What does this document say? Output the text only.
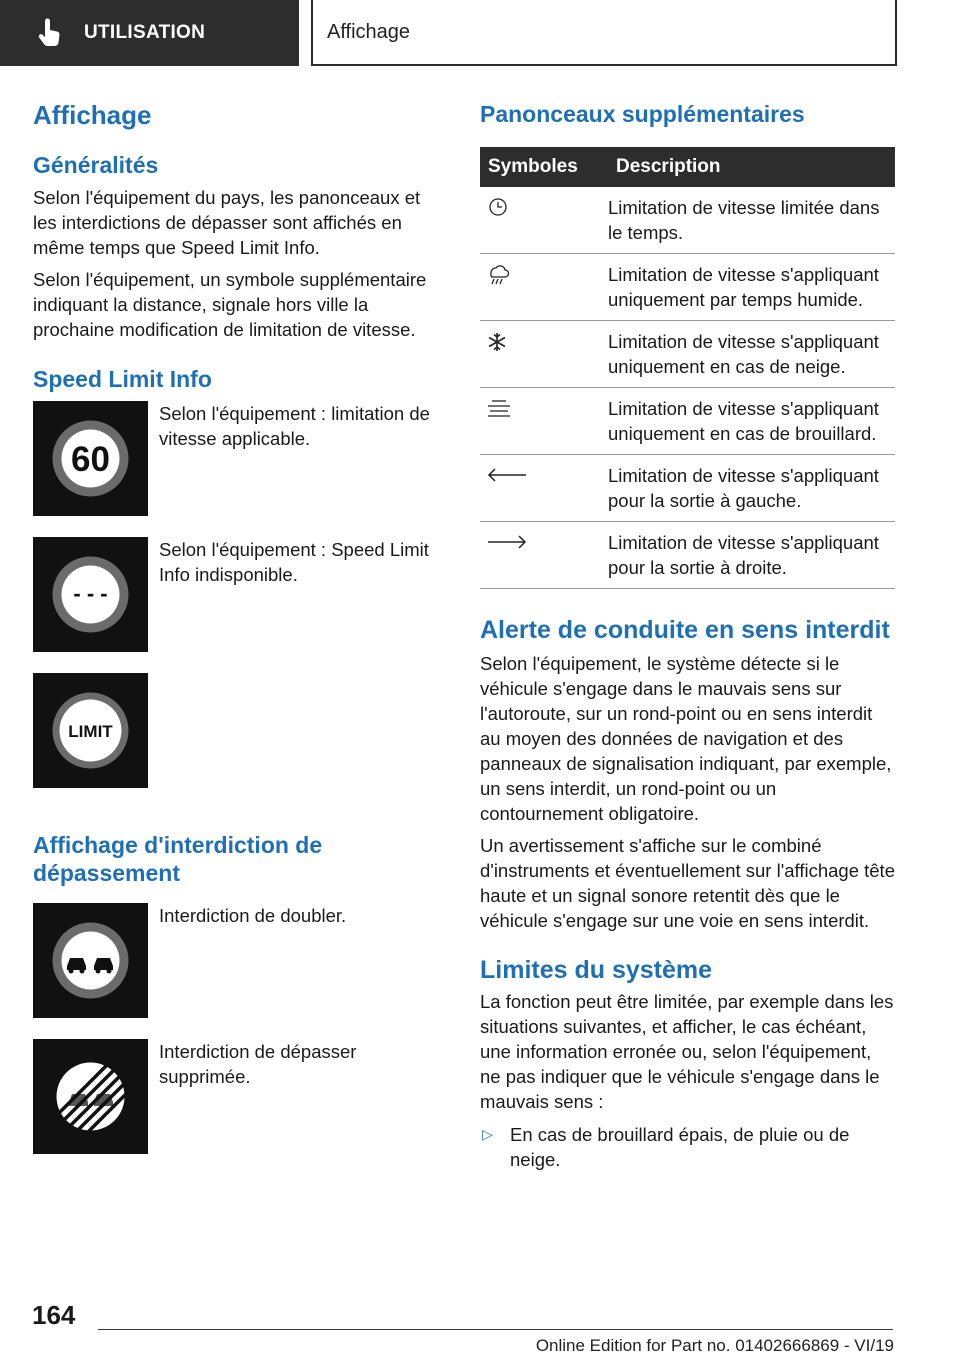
UTILISATION	Affichage
Affichage
Généralités

Selon l'équipement du pays, les panonceaux et les interdictions de dépasser sont affichés en même temps que Speed Limit Info.

Selon l'équipement, un symbole supplémentaire indiquant la distance, signale hors ville la prochaine modification de limitation de vitesse.

Speed Limit Info
60

Selon l'équipement : limitation de vitesse applicable.

- - -

Selon l'équipement : Speed Limit Info indisponible.

LIMIT
Affichage d'interdiction de dépassement

Interdiction de doubler.

Interdiction de dépasser supprimée.

Panonceaux supplémentaires
Symboles	Description

	Limitation de vitesse limitée dans le temps.

	Limitation de vitesse s'appliquant uniquement par temps humide.

	Limitation de vitesse s'appliquant uniquement en cas de neige.

	Limitation de vitesse s'appliquant uniquement en cas de brouillard.

	Limitation de vitesse s'appliquant pour la sortie à gauche.

	Limitation de vitesse s'appliquant pour la sortie à droite.
Alerte de conduite en sens interdit

Selon l'équipement, le système détecte si le véhicule s'engage dans le mauvais sens sur l'autoroute, sur un rond-point ou en sens interdit au moyen des données de navigation et des panneaux de signalisation indiquant, par exemple, un sens interdit, un rond-point ou un contournement obligatoire.

Un avertissement s'affiche sur le combiné d'instruments et éventuellement sur l'affichage tête haute et un signal sonore retentit dès que le véhicule s'engage sur une voie en sens interdit.

Limites du système

La fonction peut être limitée, par exemple dans les situations suivantes, et afficher, le cas échéant, une information erronée ou, selon l'équipement, ne pas indiquer que le véhicule s'engage dans le mauvais sens :

▷ En cas de brouillard épais, de pluie ou de neige.
164
Online Edition for Part no. 01402666869 - VI/19
